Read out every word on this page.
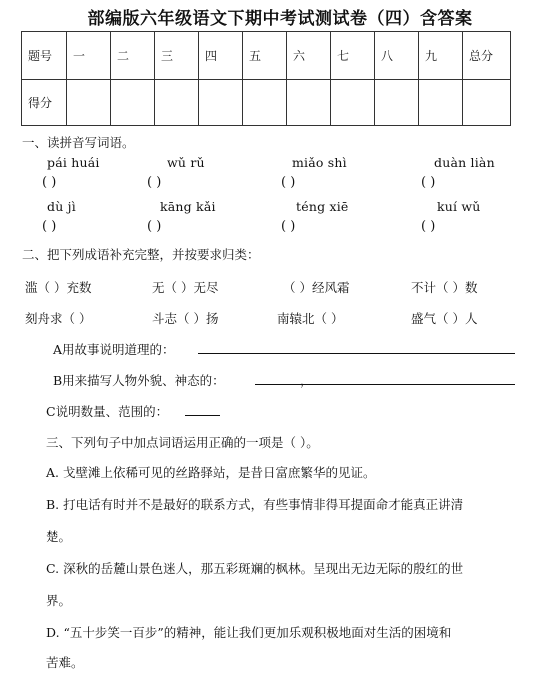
部编版六年级语文下期中考试测试卷（四）含答案
题号	一	二	三	四	五	六	七	八	九	总分
得分										
一、读拼音写词语。
pái huái	wǔ rǔ	miǎo shì	duàn liàn
( )	( )	( )	( )
dù jì	kāng kǎi	téng xiē	kuí wǔ
( )	( )	( )	( )
二、把下列成语补充完整，并按要求归类：
滥（ ）充数	无（ ）无尽	（ ）经风霜	不计（ ）数
刻舟求（ ）	斗志（ ）扬	南辕北（ ）	盛气（ ）人
A用故事说明道理的：
B用来描写人物外貌、神态的：	，
C说明数量、范围的：
三、下列句子中加点词语运用正确的一项是（ ）。
A. 戈壁滩上依稀可见的丝路驿站，是昔日富庶繁华的见证。
B. 打电话有时并不是最好的联系方式，有些事情非得耳提面命才能真正讲清
楚。
C. 深秋的岳麓山景色迷人，那五彩斑斓的枫林。呈现出无边无际的殷红的世
界。
D. “五十步笑一百步”的精神，能让我们更加乐观积极地面对生活的困境和
苦难。
